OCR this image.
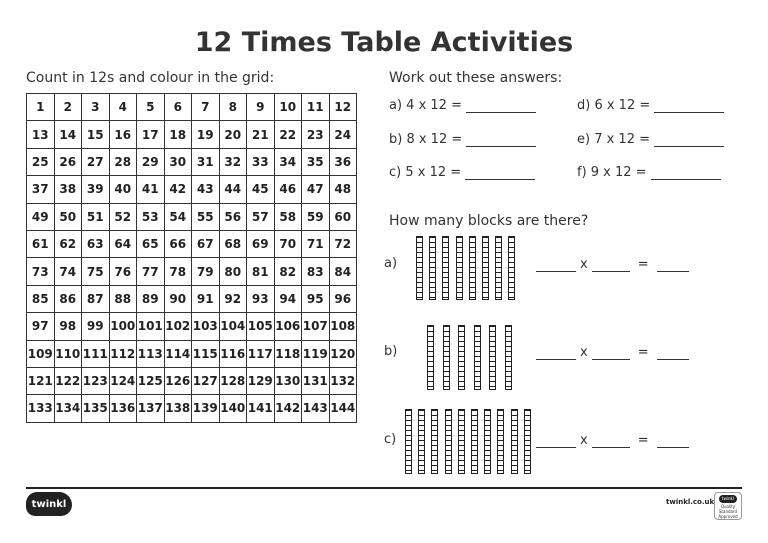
12 Times Table Activities
Count in 12s and colour in the grid:
1	2	3	4	5	6	7	8	9	10	11	12
13	14	15	16	17	18	19	20	21	22	23	24
25	26	27	28	29	30	31	32	33	34	35	36
37	38	39	40	41	42	43	44	45	46	47	48
49	50	51	52	53	54	55	56	57	58	59	60
61	62	63	64	65	66	67	68	69	70	71	72
73	74	75	76	77	78	79	80	81	82	83	84
85	86	87	88	89	90	91	92	93	94	95	96
97	98	99	100	101	102	103	104	105	106	107	108
109	110	111	112	113	114	115	116	117	118	119	120
121	122	123	124	125	126	127	128	129	130	131	132
133	134	135	136	137	138	139	140	141	142	143	144
Work out these answers:
a) 4 x 12 =	d) 6 x 12 =
b) 8 x 12 =	e) 7 x 12 =
c) 5 x 12 =	f) 9 x 12 =
How many blocks are there?
a)	x	=
b)	x	=
c)	x	=
twinkl	twinkl.co.uk	twinkl
Quality Standard Approved
